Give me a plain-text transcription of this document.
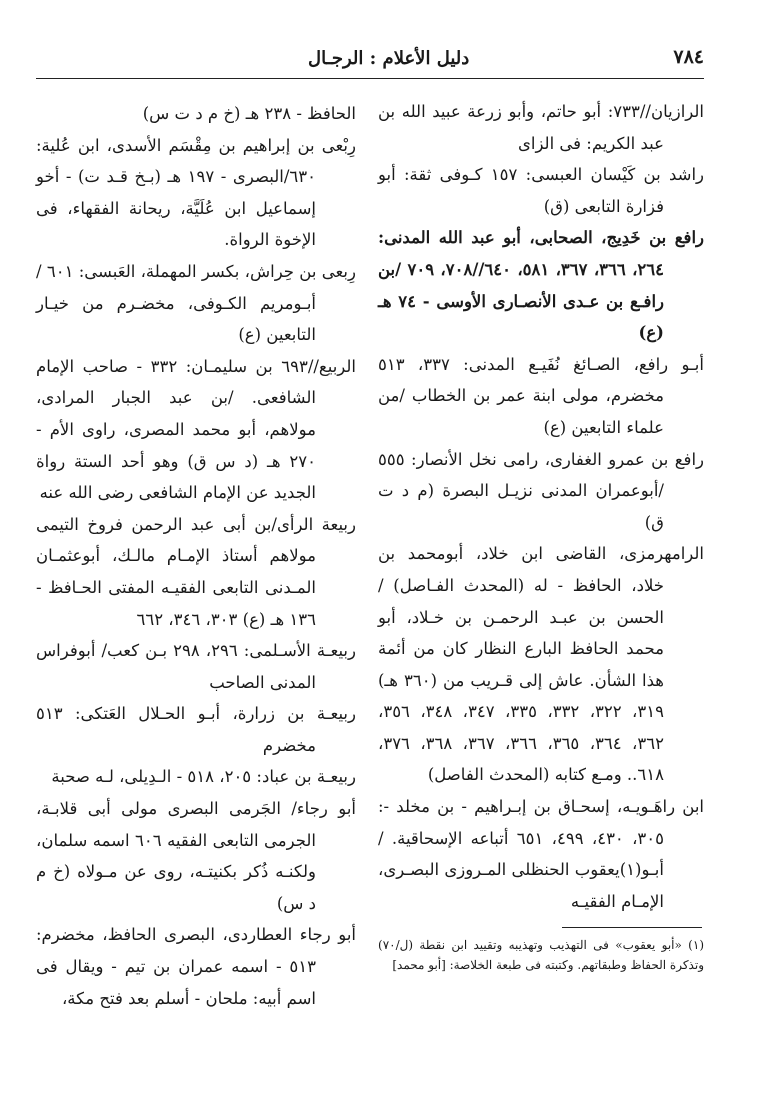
٧٨٤
دليل الأعلام : الرجـال

الرازيان//٧٣٣: أبو حاتم، وأبو زرعة عبيد الله بن عبد الكريم: فى الزاى

راشد بن كَيْسان العبسى: ١٥٧ كـوفى ثقة: أبو فزارة التابعى (ق)

رافع بن خَدِيج، الصحابى، أبو عبد الله المدنى: ٢٦٤، ٣٦٦، ٣٦٧، ٥٨١، ٦٤٠//٧٠٨، ٧٠٩ /بن رافـع بن عـدى الأنصـارى الأوسى - ٧٤ هـ (ع)

أبـو رافع، الصـائغ نُفَيـع المدنى: ٣٣٧، ٥١٣ مخضرم، مولى ابنة عمر بن الخطاب /من علماء التابعين (ع)

رافع بن عمرو الغفارى، رامى نخل الأنصار: ٥٥٥ /أبوعمران المدنى نزيـل البصرة (م د ت ق)

الرامهرمزى، القاضى ابن خلاد، أبومحمد بن خلاد، الحافظ - له (المحدث الفـاصل) /الحسن بن عبـد الرحمـن بن خـلاد، أبو محمد الحافظ البارع النظار كان من أئمة هذا الشأن. عاش إلى قـريب من (٣٦٠ هـ) ٣١٩، ٣٢٢، ٣٣٢، ٣٣٥، ٣٤٧، ٣٤٨، ٣٥٦، ٣٦٢، ٣٦٤، ٣٦٥، ٣٦٦، ٣٦٧، ٣٦٨، ٣٧٦، ٦١٨.. ومـع كتابه (المحدث الفاصل)

ابن راهَـويـه، إسحـاق بن إبـراهيم - بن مخلد -: ٣٠٥، ٤٣٠، ٤٩٩، ٦٥١ أتباعه الإسحاقية. /أبـو(١)يعقوب الحنظلى المـروزى البصـرى، الإمـام الفقيـه

الحافظ - ٢٣٨ هـ (خ م د ت س)

رِبْعى بن إبراهيم بن مِقْسَم الأسدى، ابن عُلية: ٦٣٠/البصرى - ١٩٧ هـ (بـخ قـد ت) - أخو إسماعيل ابن عُلَيَّة، ريحانة الفقهاء، فى الإخوة الرواة.

رِبعى بن حِراش، بكسر المهملة، العَبسى: ٦٠١ /أبـومريم الكـوفى، مخضـرم من خيـار التابعين (ع)

الربيع//٦٩٣ بن سليمـان: ٣٣٢ - صاحب الإمام الشافعى. /بن عبد الجبار المرادى، مولاهم، أبو محمد المصرى، راوى الأم - ٢٧٠ هـ (د س ق) وهو أحد الستة رواة الجديد عن الإمام الشافعى رضى الله عنه

ربيعة الرأى/بن أبى عبد الرحمن فروخ التيمى مولاهم أستاذ الإمـام مالـك، أبوعثمـان المـدنى التابعى الفقيـه المفتى الحـافظ - ١٣٦ هـ (ع) ٣٠٣، ٣٤٦، ٦٦٢

ربيعـة الأسـلمى: ٢٩٦، ٢٩٨ بـن كعب/ أبوفراس المدنى الصاحب

ربيعـة بن زرارة، أبـو الحـلال العَتكى: ٥١٣ مخضرم

ربيعـة بن عباد: ٢٠٥، ٥١٨ - الـدِيلى، لـه صحبة

أبو رجاء/ الجَرمى البصرى مولى أبى قلابـة، الجرمى التابعى الفقيه ٦٠٦ اسمه سلمان، ولكنـه ذُكر بكنيتـه، روى عن مـولاه (خ م د س)

أبو رجاء العطاردى، البصرى الحافظ، مخضرم: ٥١٣ - اسمه عمران بن تيم - ويقال فى اسم أبيه: ملحان - أسلم بعد فتح مكة،

(١) «أبو يعقوب» فى التهذيب وتهذيبه وتقييد ابن نقطة (ل/٧٠) وتذكرة الحفاظ وطبقاتهم. وكتبته فى طبعة الخلاصة: [أبو محمد]
